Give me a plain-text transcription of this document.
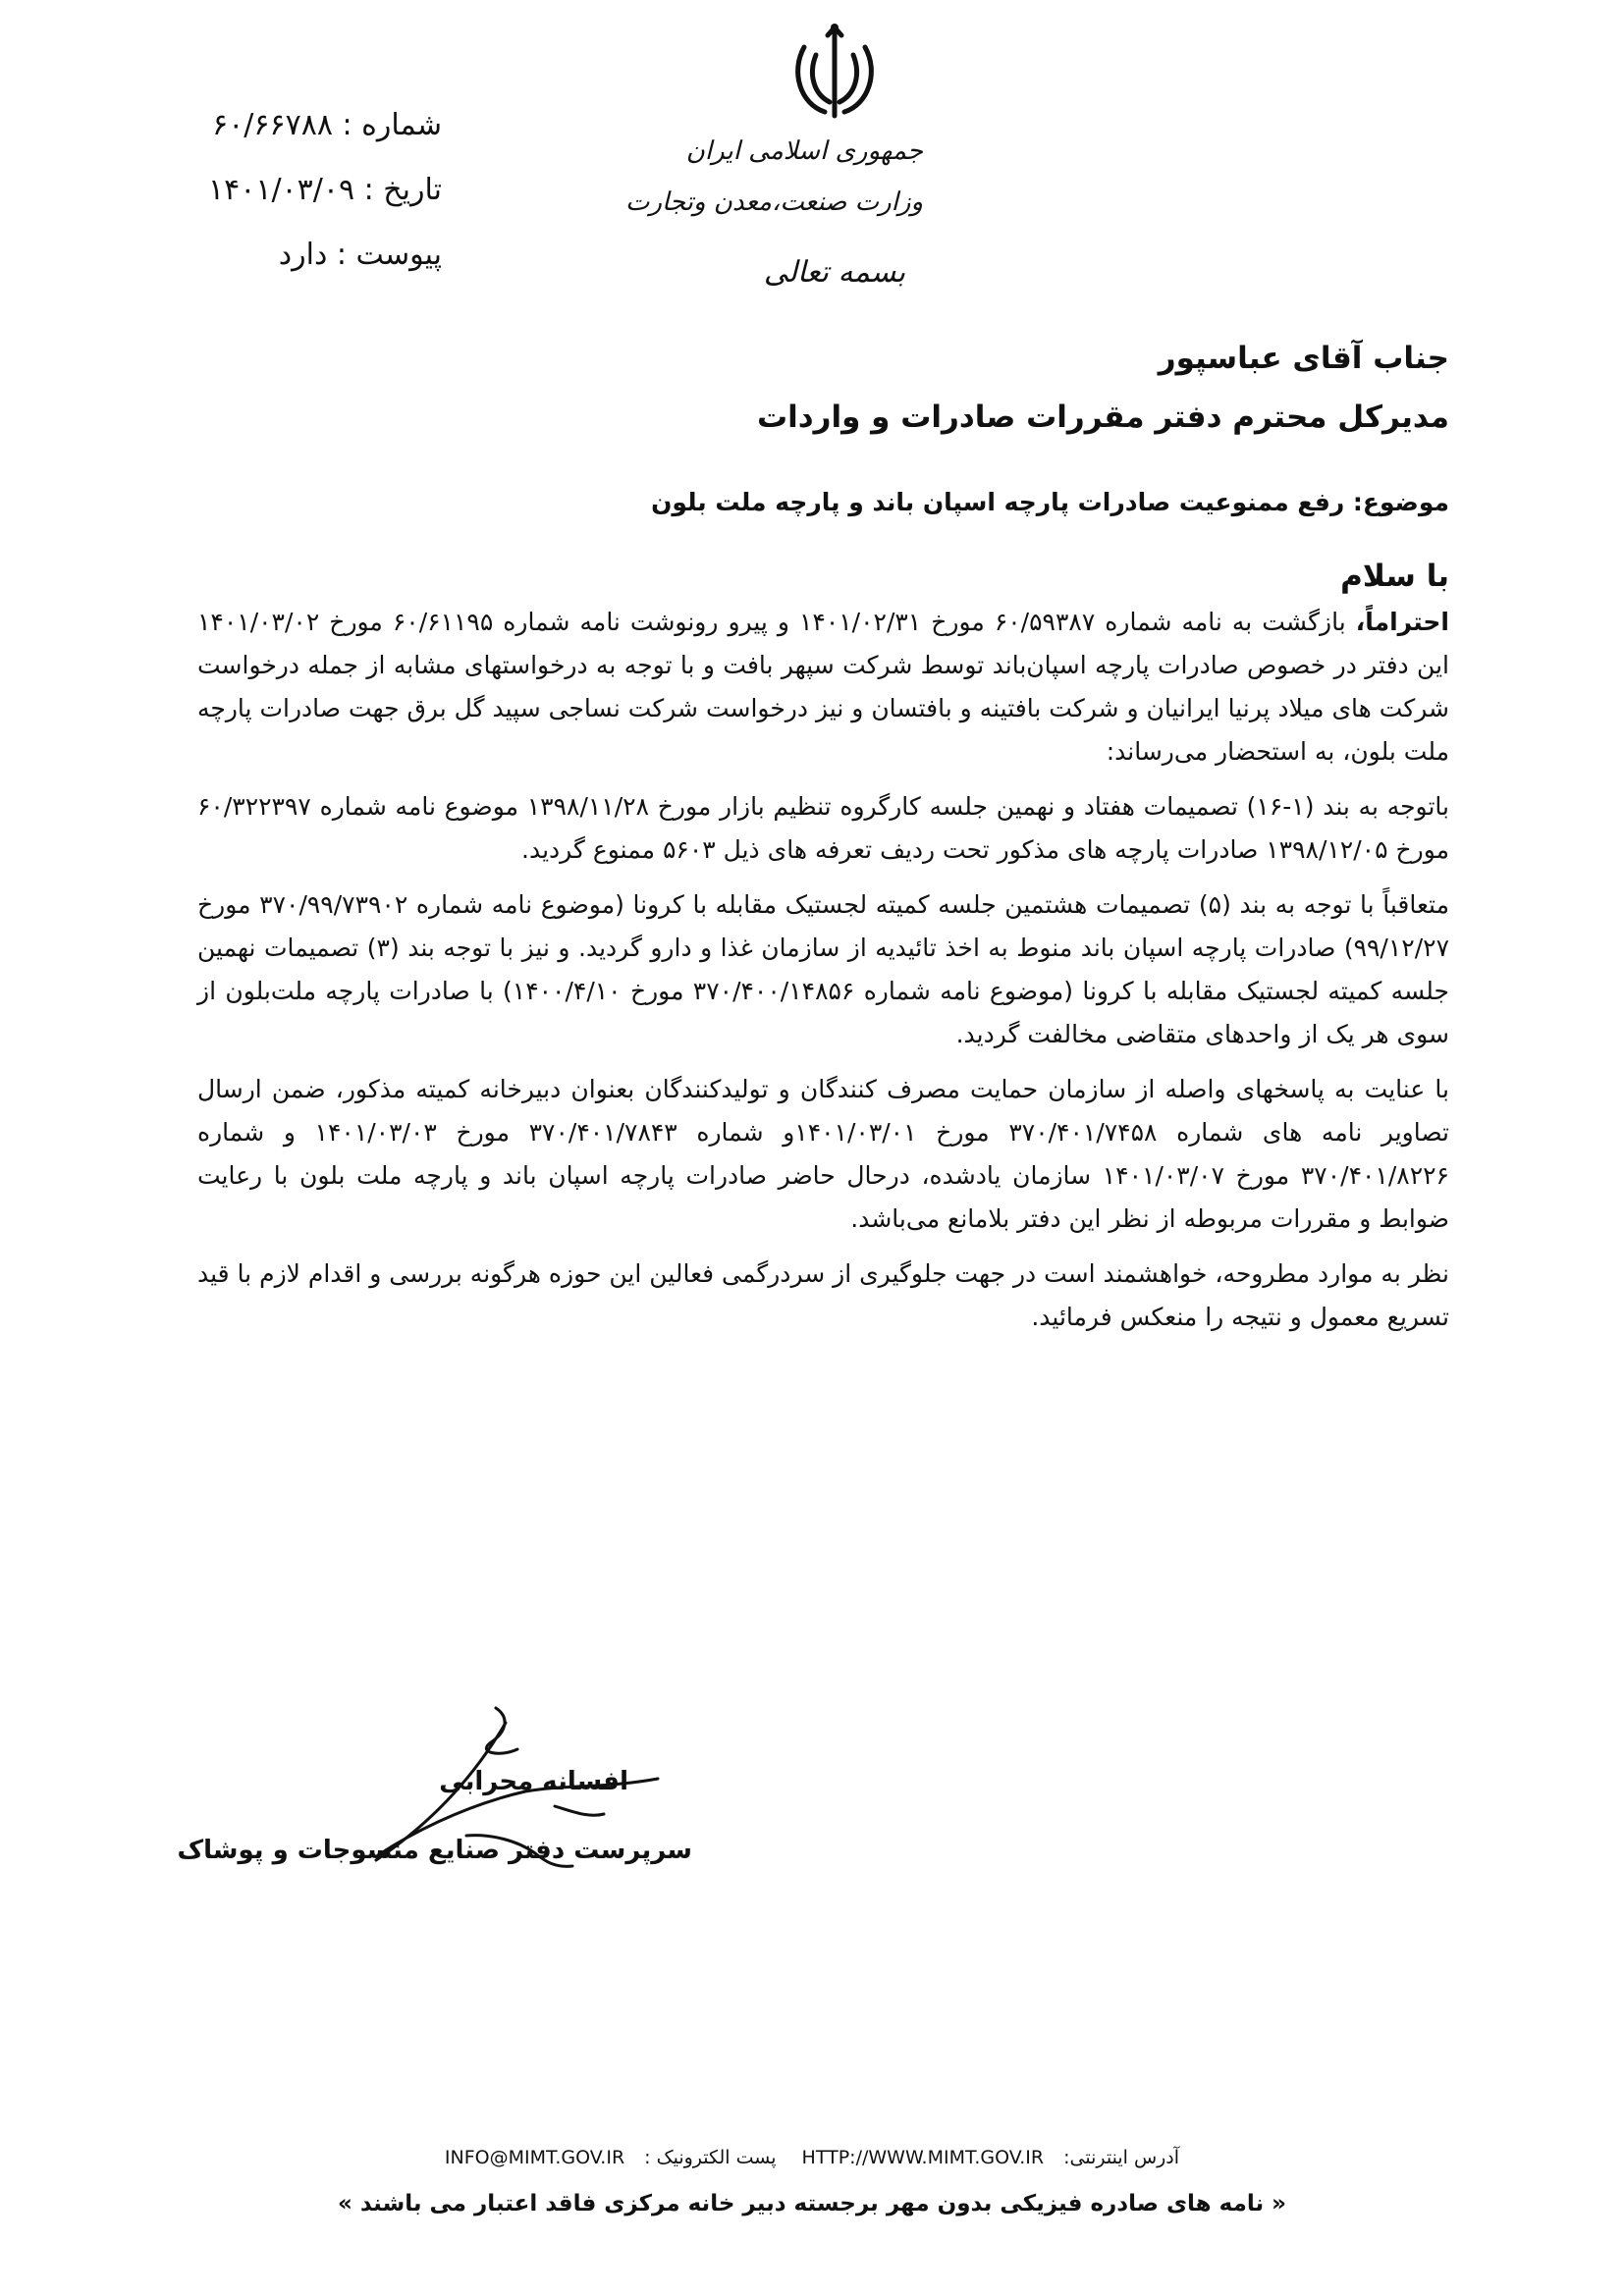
جمهوری اسلامی ایران
وزارت صنعت،معدن وتجارت
بسمه تعالی
شماره : ۶۰/۶۶۷۸۸
تاریخ : ۱۴۰۱/۰۳/۰۹
پیوست : دارد
جناب آقای عباسپور
مدیرکل محترم دفتر مقررات صادرات و واردات
موضوع: رفع ممنوعیت صادرات پارچه اسپان باند و پارچه ملت بلون
با سلام

احتراماً، بازگشت به نامه شماره ۶۰/۵۹۳۸۷ مورخ ۱۴۰۱/۰۲/۳۱ و پیرو رونوشت نامه شماره ۶۰/۶۱۱۹۵ مورخ ۱۴۰۱/۰۳/۰۲ این دفتر در خصوص صادرات پارچه اسپان‌باند توسط شرکت سپهر بافت و با توجه به درخواستهای مشابه از جمله درخواست شرکت های میلاد پرنیا ایرانیان و شرکت بافتینه و بافتسان و نیز درخواست شرکت نساجی سپید گل برق جهت صادرات پارچه ملت بلون، به استحضار می‌رساند:

باتوجه به بند (۱-۱۶) تصمیمات هفتاد و نهمین جلسه کارگروه تنظیم بازار مورخ ۱۳۹۸/۱۱/۲۸ موضوع نامه شماره ۶۰/۳۲۲۳۹۷ مورخ ۱۳۹۸/۱۲/۰۵ صادرات پارچه های مذکور تحت ردیف تعرفه های ذیل ۵۶۰۳ ممنوع گردید.

متعاقباً با توجه به بند (۵) تصمیمات هشتمین جلسه کمیته لجستیک مقابله با کرونا (موضوع نامه شماره ۳۷۰/۹۹/۷۳۹۰۲ مورخ ۹۹/۱۲/۲۷) صادرات پارچه اسپان باند منوط به اخذ تائیدیه از سازمان غذا و دارو گردید. و نیز با توجه بند (۳) تصمیمات نهمین جلسه کمیته لجستیک مقابله با کرونا (موضوع نامه شماره ۳۷۰/۴۰۰/۱۴۸۵۶ مورخ ۱۴۰۰/۴/۱۰) با صادرات پارچه ملت‌بلون از سوی هر یک از واحدهای متقاضی مخالفت گردید.

با عنایت به پاسخهای واصله از سازمان حمایت مصرف کنندگان و تولیدکنندگان بعنوان دبیرخانه کمیته مذکور، ضمن ارسال تصاویر نامه های شماره ۳۷۰/۴۰۱/۷۴۵۸ مورخ ۱۴۰۱/۰۳/۰۱و شماره ۳۷۰/۴۰۱/۷۸۴۳ مورخ ۱۴۰۱/۰۳/۰۳ و شماره ۳۷۰/۴۰۱/۸۲۲۶ مورخ ۱۴۰۱/۰۳/۰۷ سازمان یادشده، درحال حاضر صادرات پارچه اسپان باند و پارچه ملت بلون با رعایت ضوابط و مقررات مربوطه از نظر این دفتر بلامانع می‌باشد.

نظر به موارد مطروحه، خواهشمند است در جهت جلوگیری از سردرگمی فعالین این حوزه هرگونه بررسی و اقدام لازم با قید تسریع معمول و نتیجه را منعکس فرمائید.

افسانه محرابی
سرپرست دفتر صنایع منسوجات و پوشاک
آدرس اینترنتی:HTTP://WWW.MIMT.GOV.IR پست الکترونیک :INFO@MIMT.GOV.IR
« نامه های صادره فیزیکی بدون مهر برجسته دبیر خانه مرکزی فاقد اعتبار می باشند »
